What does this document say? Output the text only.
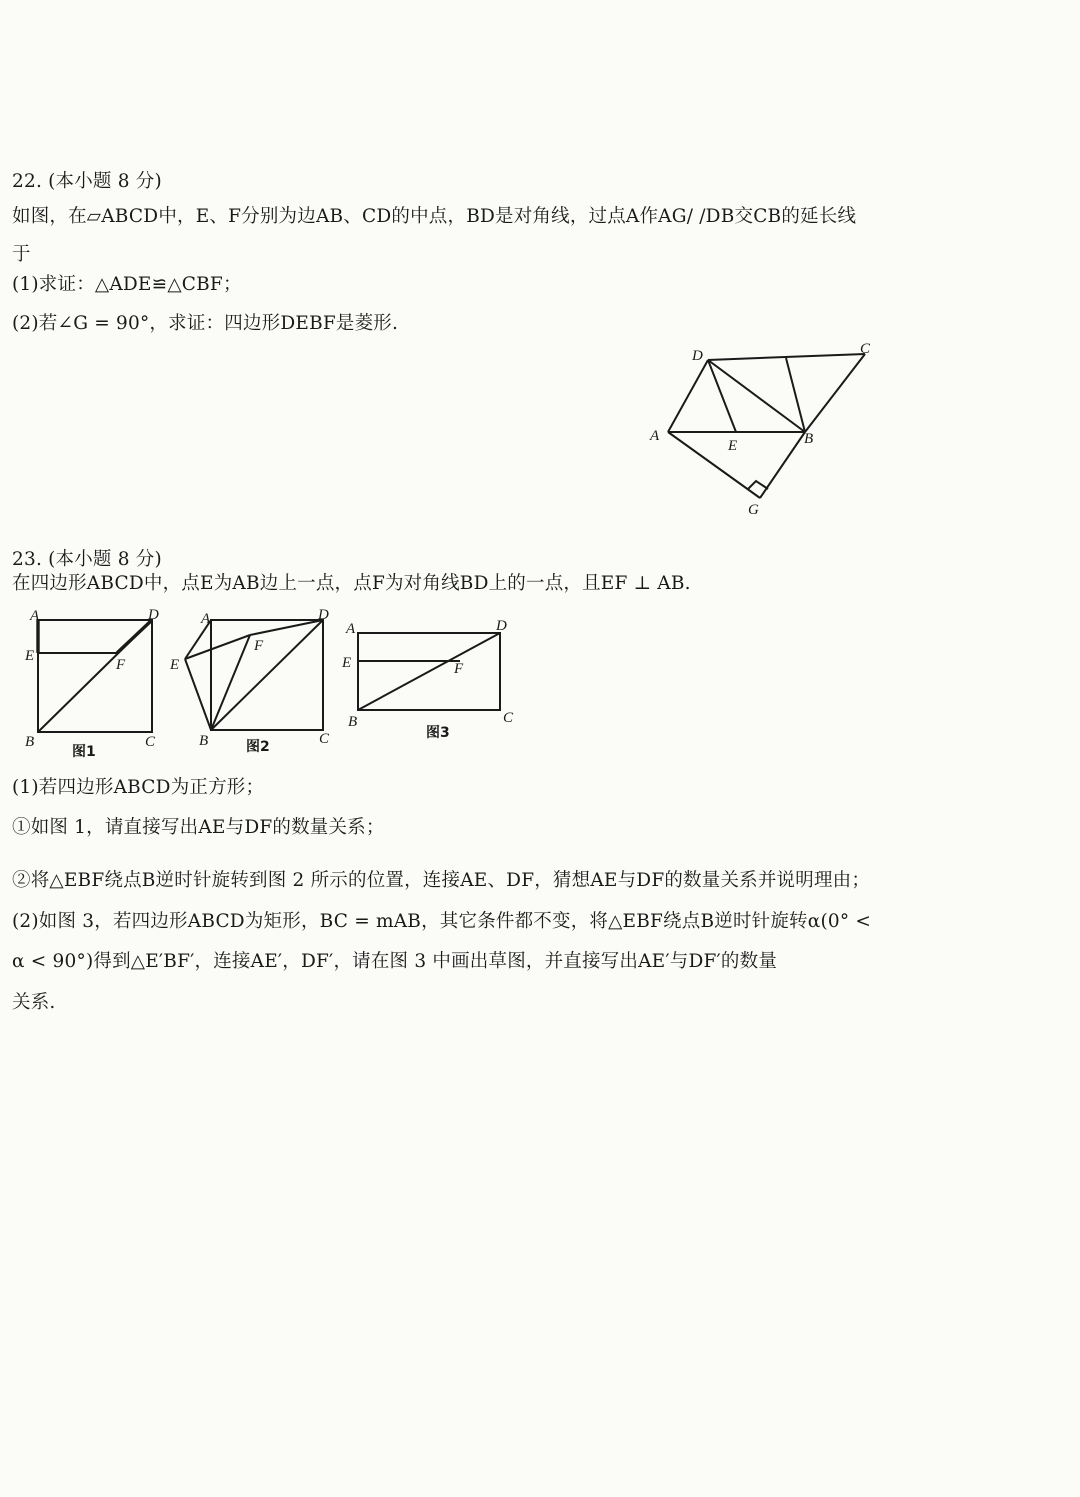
22. (本小题 8 分)
如图，在▱ABCD中，E、F分别为边AB、CD的中点，BD是对角线，过点A作AG/ /DB交CB的延长线
于
(1)求证：△ADE≌△CBF；
(2)若∠G = 90°，求证：四边形DEBF是菱形.
D	C
A
E	B
G
23. (本小题 8 分)
在四边形ABCD中，点E为AB边上一点，点F为对角线BD上的一点，且EF ⊥ AB.
A	D
E
F
B	C
图1
A	D
E
F
B	C
图2
A	D
E	F
B	C
图3
(1)若四边形ABCD为正方形；
①如图 1，请直接写出AE与DF的数量关系；
②将△EBF绕点B逆时针旋转到图 2 所示的位置，连接AE、DF，猜想AE与DF的数量关系并说明理由；
(2)如图 3，若四边形ABCD为矩形，BC = mAB，其它条件都不变，将△EBF绕点B逆时针旋转α(0° <
α < 90°)得到△E′BF′，连接AE′，DF′，请在图 3 中画出草图，并直接写出AE′与DF′的数量
关系.
